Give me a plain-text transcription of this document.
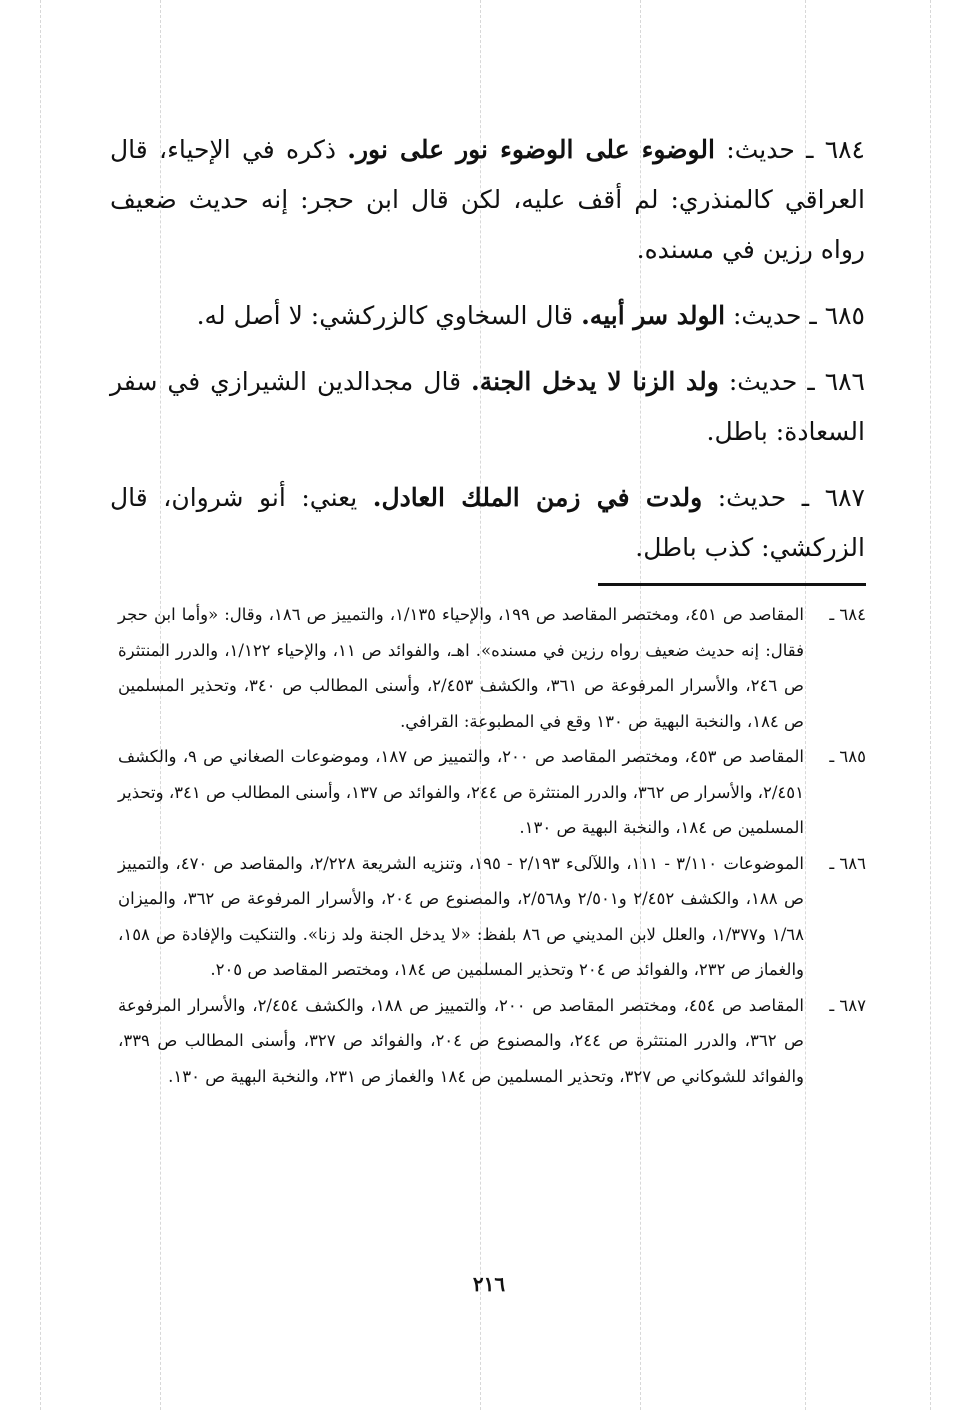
٦٨٤ ـ حديث: الوضوء على الوضوء نور على نور. ذكره في الإحياء، قال العراقي كالمنذري: لم أقف عليه، لكن قال ابن حجر: إنه حديث ضعيف رواه رزين في مسنده.

٦٨٥ ـ حديث: الولد سر أبيه. قال السخاوي كالزركشي: لا أصل له.

٦٨٦ ـ حديث: ولد الزنا لا يدخل الجنة. قال مجدالدين الشيرازي في سفر السعادة: باطل.

٦٨٧ ـ حديث: ولدت في زمن الملك العادل. يعني: أنو شروان، قال الزركشي: كذب باطل.

٦٨٤ ـ
المقاصد ص ٤٥١، ومختصر المقاصد ص ١٩٩، والإحياء ١/١٣٥، والتمييز ص ١٨٦، وقال: «وأما ابن حجر فقال: إنه حديث ضعيف رواه رزين في مسنده». اهـ، والفوائد ص ١١، والإحياء ١/١٢٢، والدرر المنتثرة ص ٢٤٦، والأسرار المرفوعة ص ٣٦١، والكشف ٢/٤٥٣، وأسنى المطالب ص ٣٤٠، وتحذير المسلمين ص ١٨٤، والنخبة البهية ص ١٣٠ وقع في المطبوعة: القرافي.
٦٨٥ ـ
المقاصد ص ٤٥٣، ومختصر المقاصد ص ٢٠٠، والتمييز ص ١٨٧، وموضوعات الصغاني ص ٩، والكشف ٢/٤٥١، والأسرار ص ٣٦٢، والدرر المنتثرة ص ٢٤٤، والفوائد ص ١٣٧، وأسنى المطالب ص ٣٤١، وتحذير المسلمين ص ١٨٤، والنخبة البهية ص ١٣٠.
٦٨٦ ـ
الموضوعات ٣/١١٠ - ١١١، واللآلىء ٢/١٩٣ - ١٩٥، وتنزيه الشريعة ٢/٢٢٨، والمقاصد ص ٤٧٠، والتمييز ص ١٨٨، والكشف ٢/٤٥٢ و٢/٥٠١ و٢/٥٦٨، والمصنوع ص ٢٠٤، والأسرار المرفوعة ص ٣٦٢، والميزان ١/٦٨ و١/٣٧٧، والعلل لابن المديني ص ٨٦ بلفظ: «لا يدخل الجنة ولد زنا». والتنكيت والإفادة ص ١٥٨، والغماز ص ٢٣٢، والفوائد ص ٢٠٤ وتحذير المسلمين ص ١٨٤، ومختصر المقاصد ص ٢٠٥.
٦٨٧ ـ
المقاصد ص ٤٥٤، ومختصر المقاصد ص ٢٠٠، والتمييز ص ١٨٨، والكشف ٢/٤٥٤، والأسرار المرفوعة ص ٣٦٢، والدرر المنتثرة ص ٢٤٤، والمصنوع ص ٢٠٤، والفوائد ص ٣٢٧، وأسنى المطالب ص ٣٣٩، والفوائد للشوكاني ص ٣٢٧، وتحذير المسلمين ص ١٨٤ والغماز ص ٢٣١، والنخبة البهية ص ١٣٠.
٢١٦
